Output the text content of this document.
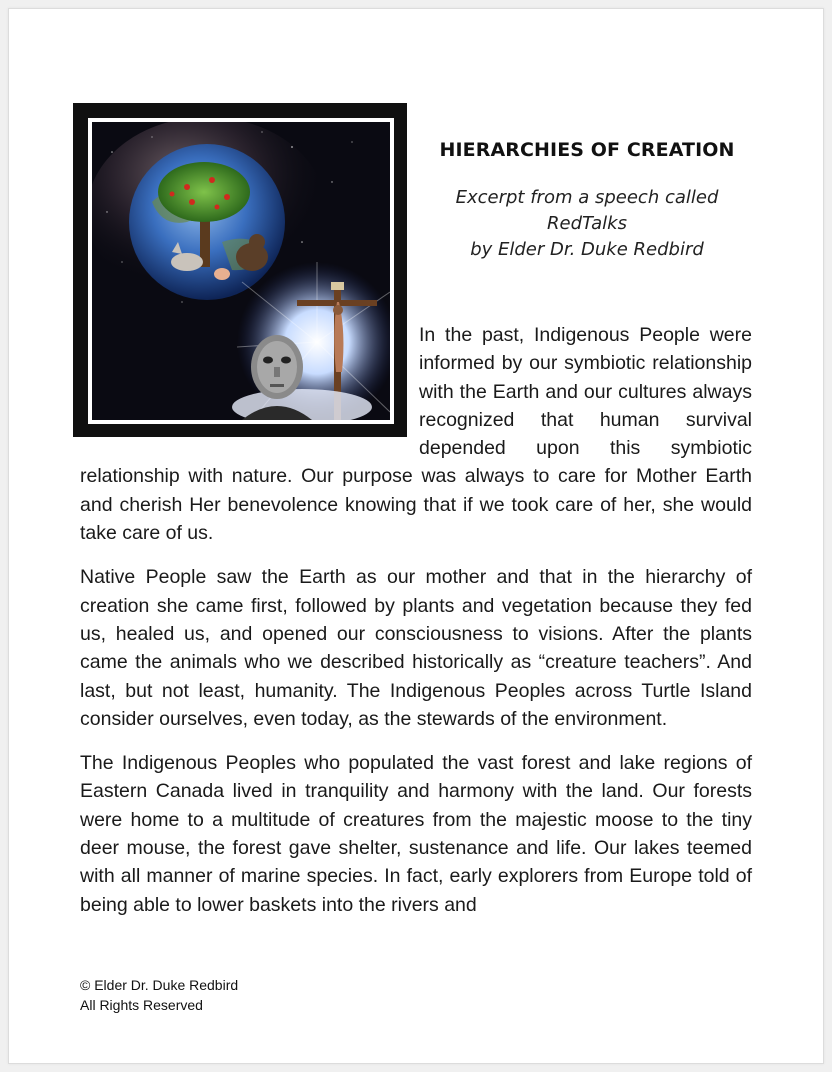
HIERARCHIES OF CREATION
Excerpt from a speech called
RedTalks
by Elder Dr. Duke Redbird

In the past, Indigenous People were informed by our symbiotic relationship with the Earth and our cultures always recognized that human survival depended upon this symbiotic relationship with nature. Our purpose was always to care for Mother Earth and cherish Her benevolence knowing that if we took care of her, she would take care of us.

Native People saw the Earth as our mother and that in the hierarchy of creation she came first, followed by plants and vegetation because they fed us, healed us, and opened our consciousness to visions. After the plants came the animals who we described historically as “creature teachers”. And last, but not least, humanity. The Indigenous Peoples across Turtle Island consider ourselves, even today, as the stewards of the environment.

The Indigenous Peoples who populated the vast forest and lake regions of Eastern Canada lived in tranquility and harmony with the land. Our forests were home to a multitude of creatures from the majestic moose to the tiny deer mouse, the forest gave shelter, sustenance and life. Our lakes teemed with all manner of marine species. In fact, early explorers from Europe told of being able to lower baskets into the rivers and

© Elder Dr. Duke Redbird
All Rights Reserved
